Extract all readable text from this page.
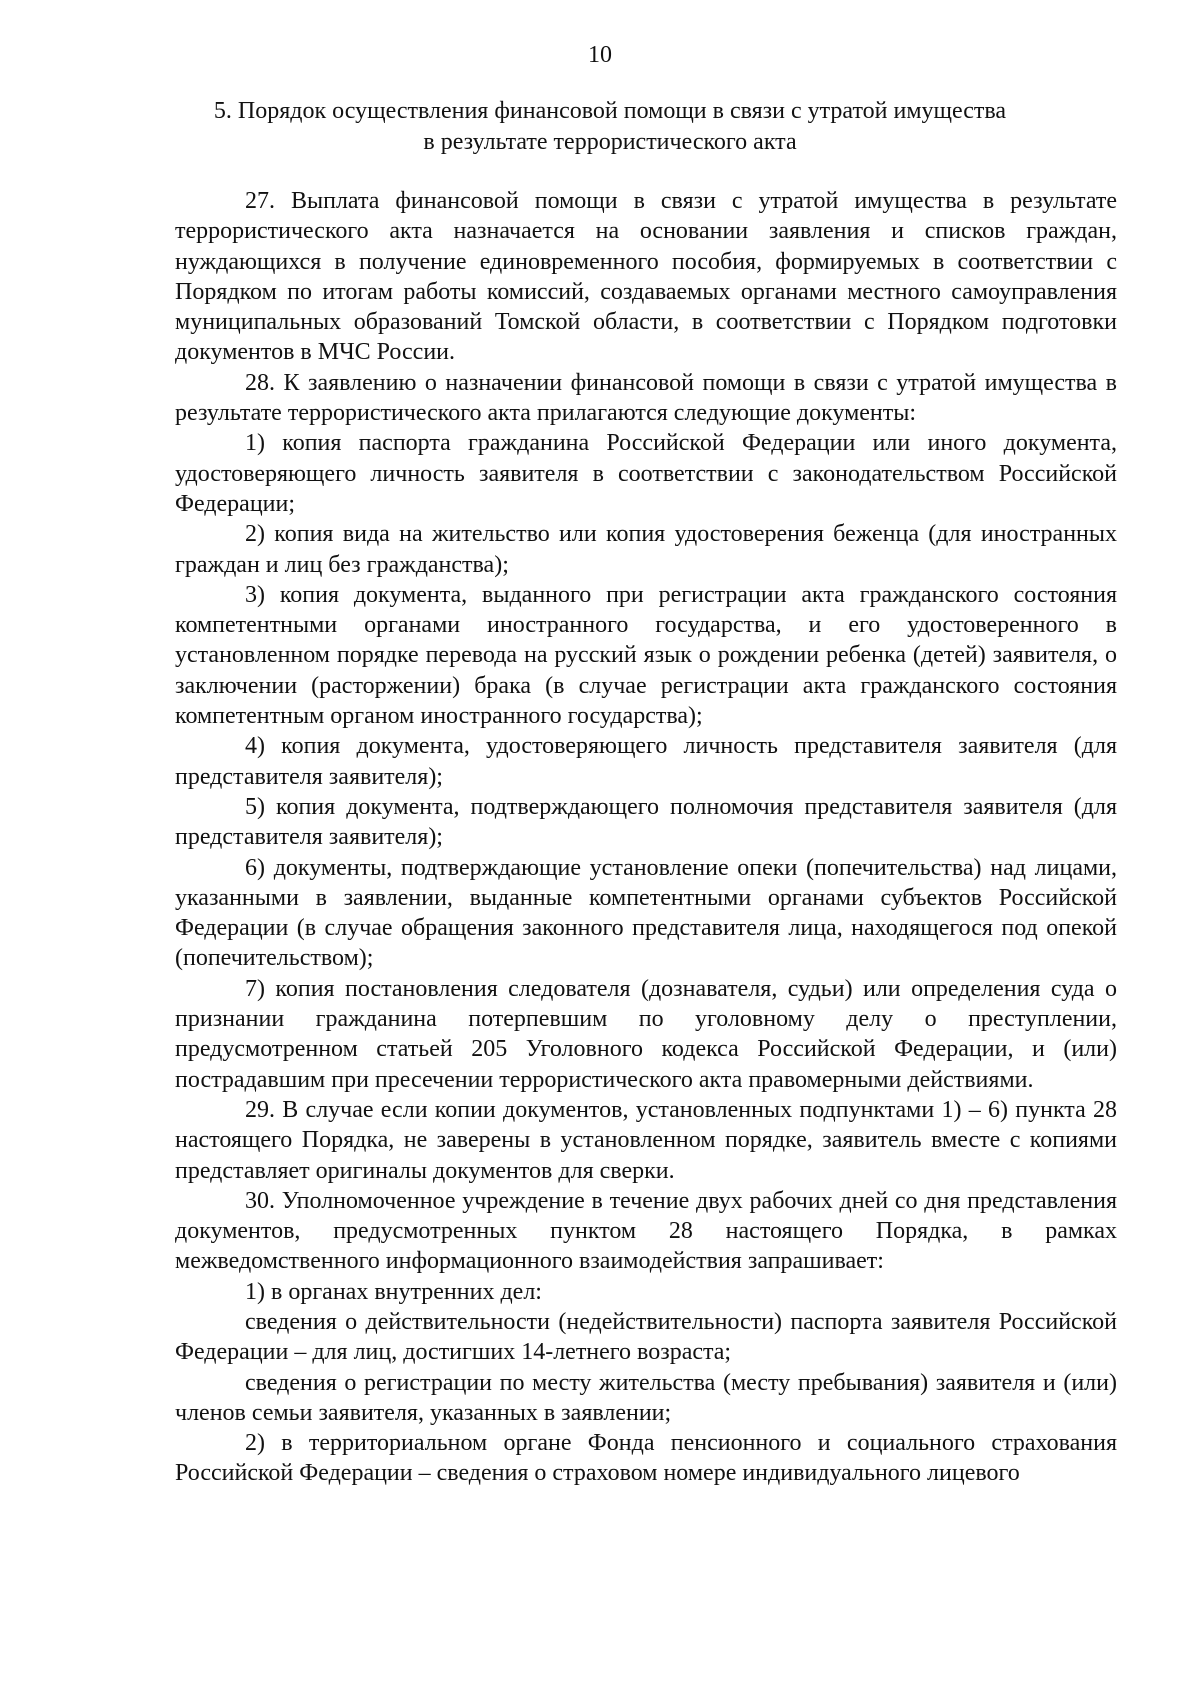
10
5. Порядок осуществления финансовой помощи в связи с утратой имущества
в результате террористического акта

27. Выплата финансовой помощи в связи с утратой имущества в результате террористического акта назначается на основании заявления и списков граждан, нуждающихся в получение единовременного пособия, формируемых в соответствии с Порядком по итогам работы комиссий, создаваемых органами местного самоуправления муниципальных образований Томской области, в соответствии с Порядком подготовки документов в МЧС России.

28. К заявлению о назначении финансовой помощи в связи с утратой имущества в результате террористического акта прилагаются следующие документы:

1) копия паспорта гражданина Российской Федерации или иного документа, удостоверяющего личность заявителя в соответствии с законодательством Российской Федерации;

2) копия вида на жительство или копия удостоверения беженца (для иностранных граждан и лиц без гражданства);

3) копия документа, выданного при регистрации акта гражданского состояния компетентными органами иностранного государства, и его удостоверенного в установленном порядке перевода на русский язык о рождении ребенка (детей) заявителя, о заключении (расторжении) брака (в случае регистрации акта гражданского состояния компетентным органом иностранного государства);

4) копия документа, удостоверяющего личность представителя заявителя (для представителя заявителя);

5) копия документа, подтверждающего полномочия представителя заявителя (для представителя заявителя);

6) документы, подтверждающие установление опеки (попечительства) над лицами, указанными в заявлении, выданные компетентными органами субъектов Российской Федерации (в случае обращения законного представителя лица, находящегося под опекой (попечительством);

7) копия постановления следователя (дознавателя, судьи) или определения суда о признании гражданина потерпевшим по уголовному делу о преступлении, предусмотренном статьей 205 Уголовного кодекса Российской Федерации, и (или) пострадавшим при пресечении террористического акта правомерными действиями.

29. В случае если копии документов, установленных подпунктами 1) – 6) пункта 28 настоящего Порядка, не заверены в установленном порядке, заявитель вместе с копиями представляет оригиналы документов для сверки.

30. Уполномоченное учреждение в течение двух рабочих дней со дня представления документов, предусмотренных пунктом 28 настоящего Порядка, в рамках межведомственного информационного взаимодействия запрашивает:

1) в органах внутренних дел:

сведения о действительности (недействительности) паспорта заявителя Российской Федерации – для лиц, достигших 14-летнего возраста;

сведения о регистрации по месту жительства (месту пребывания) заявителя и (или) членов семьи заявителя, указанных в заявлении;

2) в территориальном органе Фонда пенсионного и социального страхования Российской Федерации – сведения о страховом номере индивидуального лицевого
